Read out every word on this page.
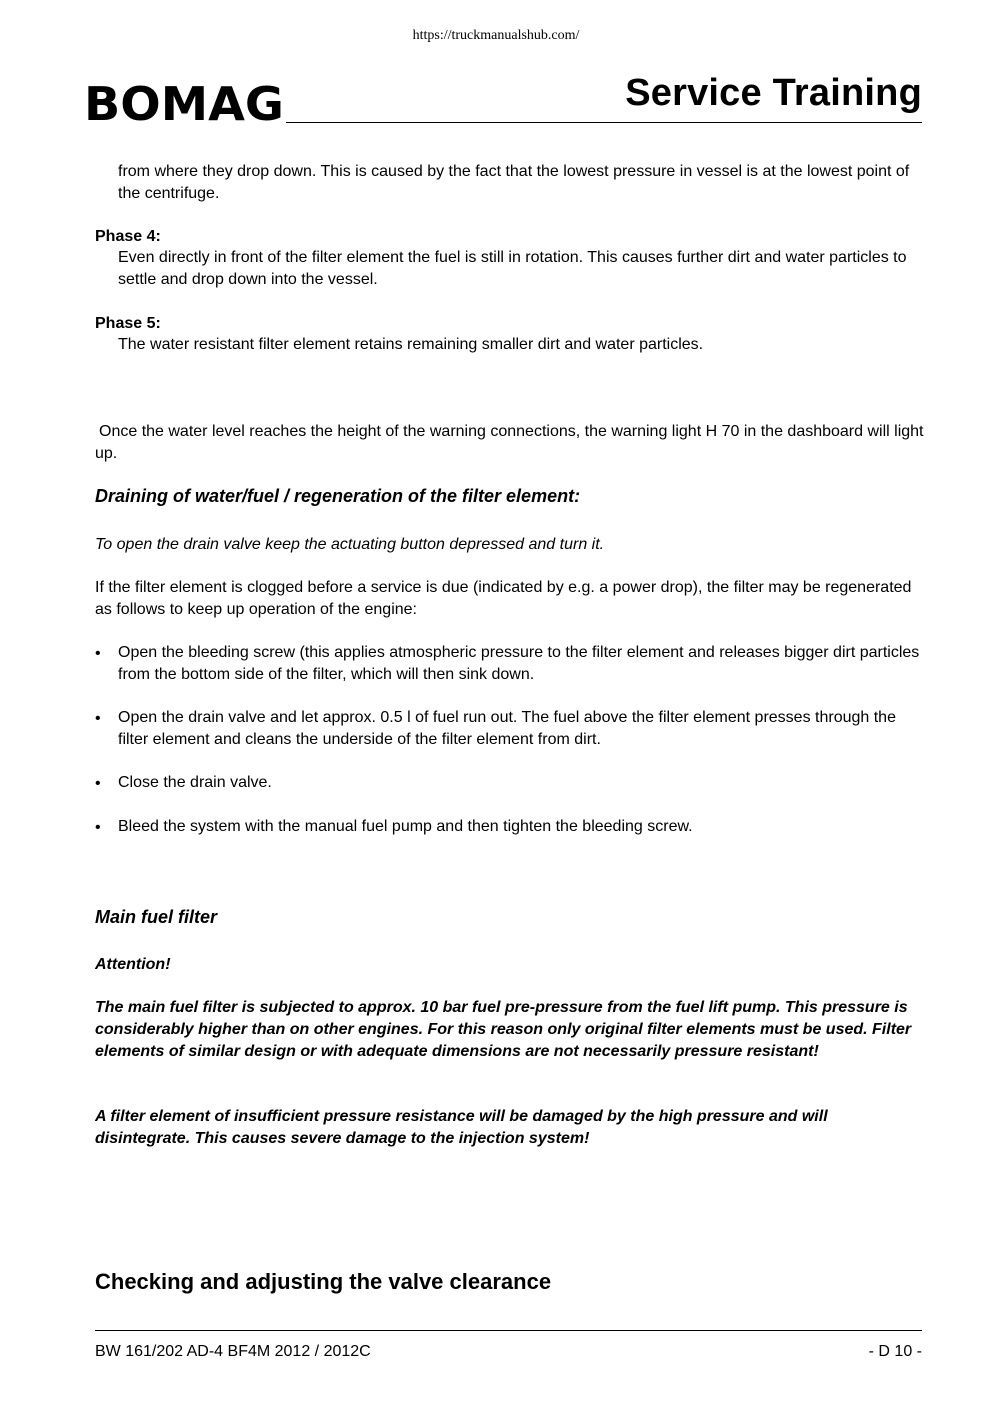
https://truckmanualshub.com/
BOMAG	Service Training
from where they drop down. This is caused by the fact that the lowest pressure in vessel is at the lowest point of the centrifuge.
Phase 4:
Even directly in front of the filter element the fuel is still in rotation. This causes further dirt and water particles to settle and drop down into the vessel.
Phase 5:
The water resistant filter element retains remaining smaller dirt and water particles.
Once the water level reaches the height of the warning connections, the warning light H 70 in the dashboard will light up.
Draining of water/fuel / regeneration of the filter element:
To open the drain valve keep the actuating button depressed and turn it.
If the filter element is clogged before a service is due (indicated by e.g. a power drop), the filter may be regenerated as follows to keep up operation of the engine:
• Open the bleeding screw (this applies atmospheric pressure to the filter element and releases bigger dirt particles from the bottom side of the filter, which will then sink down.
• Open the drain valve and let approx. 0.5 l of fuel run out. The fuel above the filter element presses through the filter element and cleans the underside of the filter element from dirt.
• Close the drain valve.
• Bleed the system with the manual fuel pump and then tighten the bleeding screw.
Main fuel filter
Attention!
The main fuel filter is subjected to approx. 10 bar fuel pre-pressure from the fuel lift pump. This pressure is considerably higher than on other engines. For this reason only original filter elements must be used. Filter elements of similar design or with adequate dimensions are not necessarily pressure resistant!
A filter element of insufficient pressure resistance will be damaged by the high pressure and will disintegrate. This causes severe damage to the injection system!
Checking and adjusting the valve clearance
BW 161/202 AD-4 BF4M 2012 / 2012C	- D 10 -
